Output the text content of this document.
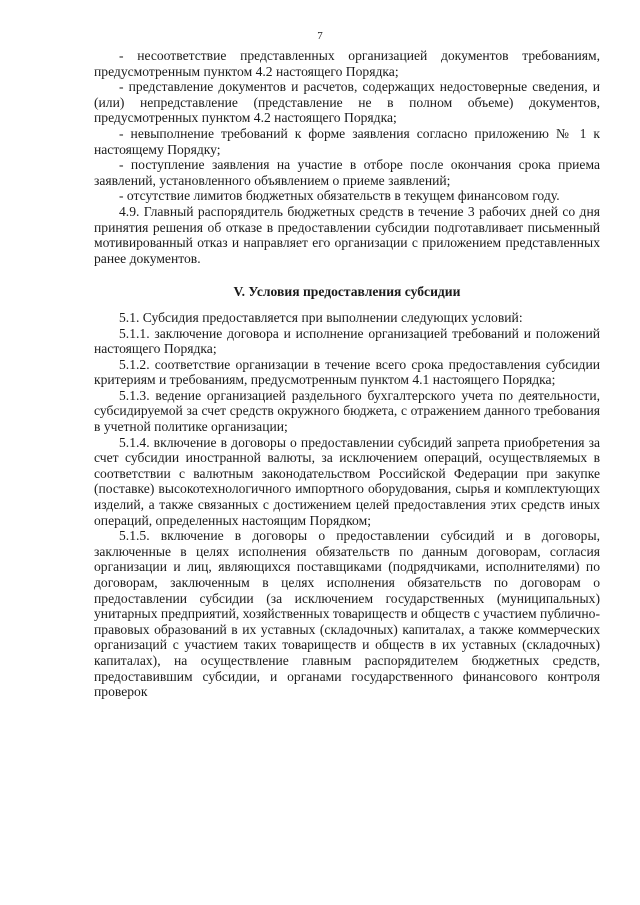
7

- несоответствие представленных организацией документов требованиям, предусмотренным пунктом 4.2 настоящего Порядка;

- представление документов и расчетов, содержащих недостоверные сведения, и (или) непредставление (представление не в полном объеме) документов, предусмотренных пунктом 4.2 настоящего Порядка;

- невыполнение требований к форме заявления согласно приложению № 1 к настоящему Порядку;

- поступление заявления на участие в отборе после окончания срока приема заявлений, установленного объявлением о приеме заявлений;

- отсутствие лимитов бюджетных обязательств в текущем финансовом году.

4.9. Главный распорядитель бюджетных средств в течение 3 рабочих дней со дня принятия решения об отказе в предоставлении субсидии подготавливает письменный мотивированный отказ и направляет его организации с приложением представленных ранее документов.

V. Условия предоставления субсидии

5.1. Субсидия предоставляется при выполнении следующих условий:

5.1.1. заключение договора и исполнение организацией требований и положений настоящего Порядка;

5.1.2. соответствие организации в течение всего срока предоставления субсидии критериям и требованиям, предусмотренным пунктом 4.1 настоящего Порядка;

5.1.3. ведение организацией раздельного бухгалтерского учета по деятельности, субсидируемой за счет средств окружного бюджета, с отражением данного требования в учетной политике организации;

5.1.4. включение в договоры о предоставлении субсидий запрета приобретения за счет субсидии иностранной валюты, за исключением операций, осуществляемых в соответствии с валютным законодательством Российской Федерации при закупке (поставке) высокотехнологичного импортного оборудования, сырья и комплектующих изделий, а также связанных с достижением целей предоставления этих средств иных операций, определенных настоящим Порядком;

5.1.5. включение в договоры о предоставлении субсидий и в договоры, заключенные в целях исполнения обязательств по данным договорам, согласия организации и лиц, являющихся поставщиками (подрядчиками, исполнителями) по договорам, заключенным в целях исполнения обязательств по договорам о предоставлении субсидии (за исключением государственных (муниципальных) унитарных предприятий, хозяйственных товариществ и обществ с участием публично-правовых образований в их уставных (складочных) капиталах, а также коммерческих организаций с участием таких товариществ и обществ в их уставных (складочных) капиталах), на осуществление главным распорядителем бюджетных средств, предоставившим субсидии, и органами государственного финансового контроля проверок
